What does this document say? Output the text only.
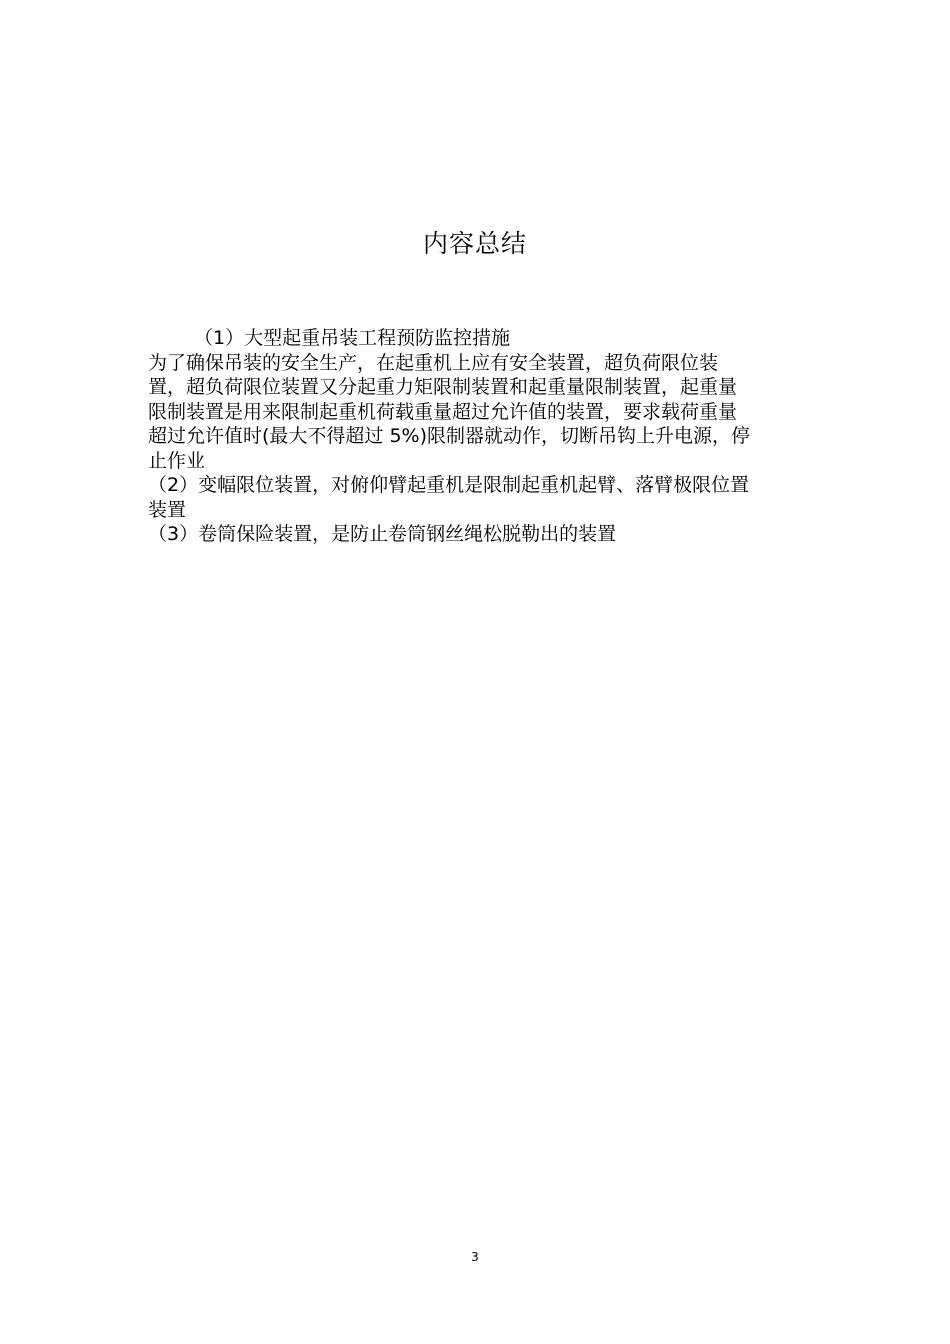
内容总结

（1）大型起重吊装工程预防监控措施

为了确保吊装的安全生产，在起重机上应有安全装置，超负荷限位装

置，超负荷限位装置又分起重力矩限制装置和起重量限制装置，起重量

限制装置是用来限制起重机荷载重量超过允许值的装置，要求载荷重量

超过允许值时(最大不得超过 5%)限制器就动作，切断吊钩上升电源，停

止作业

（2）变幅限位装置，对俯仰臂起重机是限制起重机起臂、落臂极限位置

装置

（3）卷筒保险装置，是防止卷筒钢丝绳松脱勒出的装置

3
